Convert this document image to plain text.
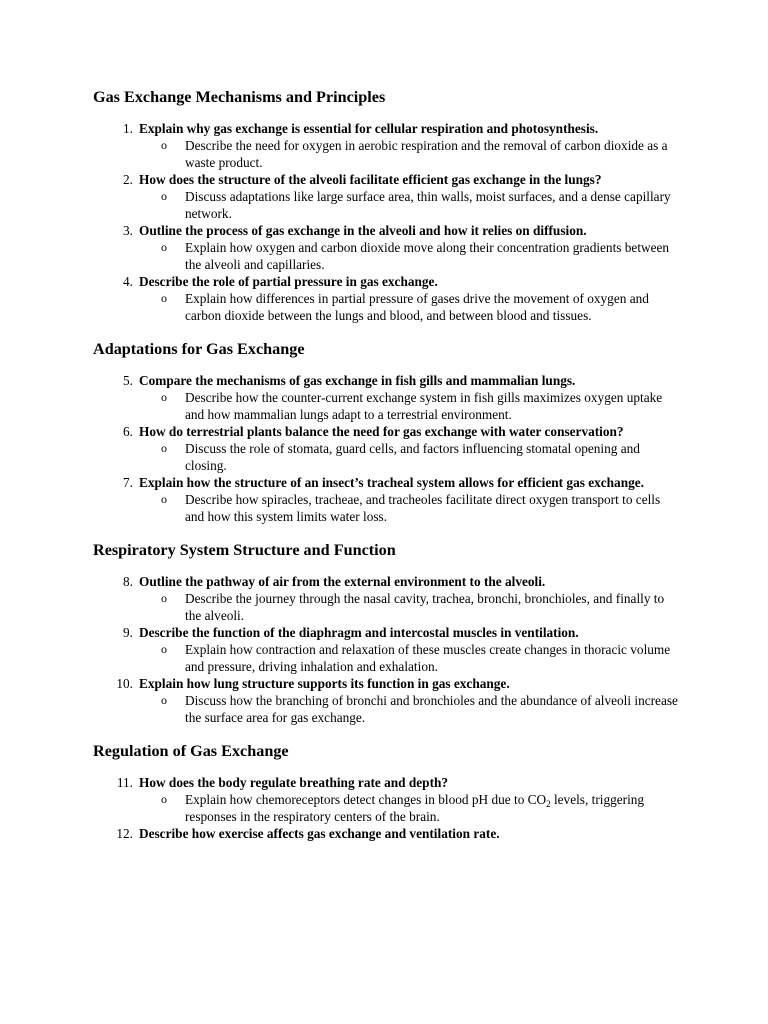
Gas Exchange Mechanisms and Principles
1. Explain why gas exchange is essential for cellular respiration and photosynthesis.
o Describe the need for oxygen in aerobic respiration and the removal of carbon dioxide as a waste product.
2. How does the structure of the alveoli facilitate efficient gas exchange in the lungs?
o Discuss adaptations like large surface area, thin walls, moist surfaces, and a dense capillary network.
3. Outline the process of gas exchange in the alveoli and how it relies on diffusion.
o Explain how oxygen and carbon dioxide move along their concentration gradients between the alveoli and capillaries.
4. Describe the role of partial pressure in gas exchange.
o Explain how differences in partial pressure of gases drive the movement of oxygen and carbon dioxide between the lungs and blood, and between blood and tissues.
Adaptations for Gas Exchange
5. Compare the mechanisms of gas exchange in fish gills and mammalian lungs.
o Describe how the counter-current exchange system in fish gills maximizes oxygen uptake and how mammalian lungs adapt to a terrestrial environment.
6. How do terrestrial plants balance the need for gas exchange with water conservation?
o Discuss the role of stomata, guard cells, and factors influencing stomatal opening and closing.
7. Explain how the structure of an insect’s tracheal system allows for efficient gas exchange.
o Describe how spiracles, tracheae, and tracheoles facilitate direct oxygen transport to cells and how this system limits water loss.
Respiratory System Structure and Function
8. Outline the pathway of air from the external environment to the alveoli.
o Describe the journey through the nasal cavity, trachea, bronchi, bronchioles, and finally to the alveoli.
9. Describe the function of the diaphragm and intercostal muscles in ventilation.
o Explain how contraction and relaxation of these muscles create changes in thoracic volume and pressure, driving inhalation and exhalation.
10. Explain how lung structure supports its function in gas exchange.
o Discuss how the branching of bronchi and bronchioles and the abundance of alveoli increase the surface area for gas exchange.
Regulation of Gas Exchange
11. How does the body regulate breathing rate and depth?
o Explain how chemoreceptors detect changes in blood pH due to $CO_2$ levels, triggering responses in the respiratory centers of the brain.
12. Describe how exercise affects gas exchange and ventilation rate.
